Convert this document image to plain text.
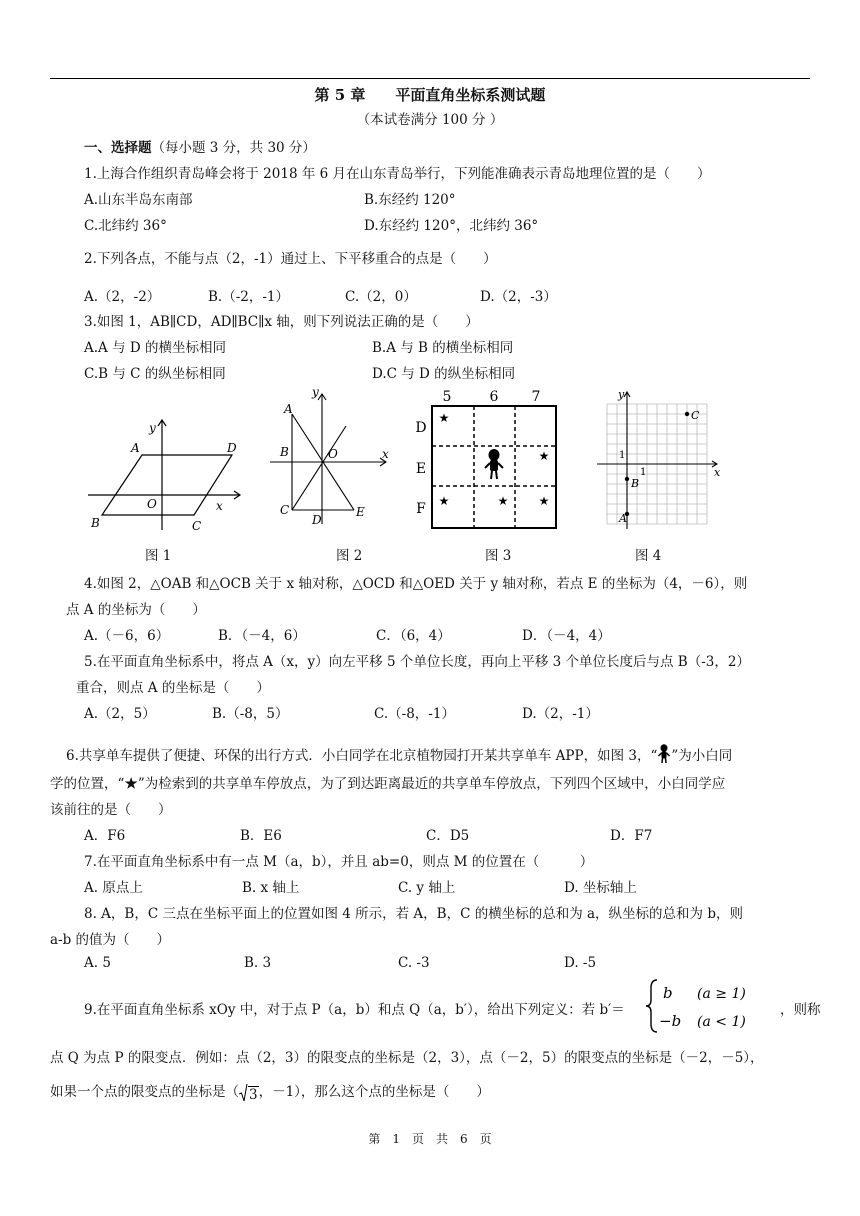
第 5 章　　平面直角坐标系测试题
（本试卷满分 100 分 ）
一、选择题（每小题 3 分，共 30 分）
1.上海合作组织青岛峰会将于 2018 年 6 月在山东青岛举行，下列能准确表示青岛地理位置的是（　　）
A.山东半岛东南部	B.东经约 120°
C.北纬约 36°	D.东经约 120°，北纬约 36°
2.下列各点，不能与点（2，-1）通过上、下平移重合的点是（　　）
A.（2，-2）	B.（-2，-1）	C.（2，0）	D.（2，-3）
3.如图 1，AB∥CD，AD∥BC∥x 轴，则下列说法正确的是（　　）
A.A 与 D 的横坐标相同	B.A 与 B 的横坐标相同
C.B 与 C 的纵坐标相同	D.C 与 D 的纵坐标相同
A	D
B	C
O	x
y
图 1
A
B
C
D
E
O	x
y
图 2
5	6 7
D
E
F
★
★
★	★	★
图 3
A
B
C
1
1
x
y
图 4
4.如图 2，△OAB 和△OCB 关于 x 轴对称，△OCD 和△OED 关于 y 轴对称，若点 E 的坐标为（4，－6），则
点 A 的坐标为（　　）
A.（－6，6）	B．（－4，6）	C．（6，4）	D．（－4，4）
5.在平面直角坐标系中，将点 A（x，y）向左平移 5 个单位长度，再向上平移 3 个单位长度后与点 B（-3，2）
重合，则点 A 的坐标是（　　）
A.（2，5）	B.（-8，5）	C.（-8，-1）	D.（2，-1）
6.共享单车提供了便捷、环保的出行方式．小白同学在北京植物园打开某共享单车 APP，如图 3，“ ”为小白同
学的位置，“★”为检索到的共享单车停放点，为了到达距离最近的共享单车停放点，下列四个区域中，小白同学应
该前往的是（　　）
A．F6	B．E6	C．D5	D．F7
7.在平面直角坐标系中有一点 M（a，b），并且 ab=0，则点 M 的位置在（　　　）
A. 原点上	B. x 轴上	C. y 轴上	D. 坐标轴上
8. A，B，C 三点在坐标平面上的位置如图 4 所示，若 A，B，C 的横坐标的总和为 a，纵坐标的总和为 b，则
a-b 的值为（　　）
A. 5	B. 3	C. -3	D. -5
9.在平面直角坐标系 xOy 中，对于点 P（a，b）和点 Q（a，b′），给出下列定义：若 b′＝
b (a ≥ 1)
−b (a < 1)
，则称
点 Q 为点 P 的限变点．例如：点（2，3）的限变点的坐标是（2，3），点（－2，5）的限变点的坐标是（－2，－5），
如果一个点的限变点的坐标是（ 3，－1），那么这个点的坐标是（　　）
第　1　页　共　6　页
